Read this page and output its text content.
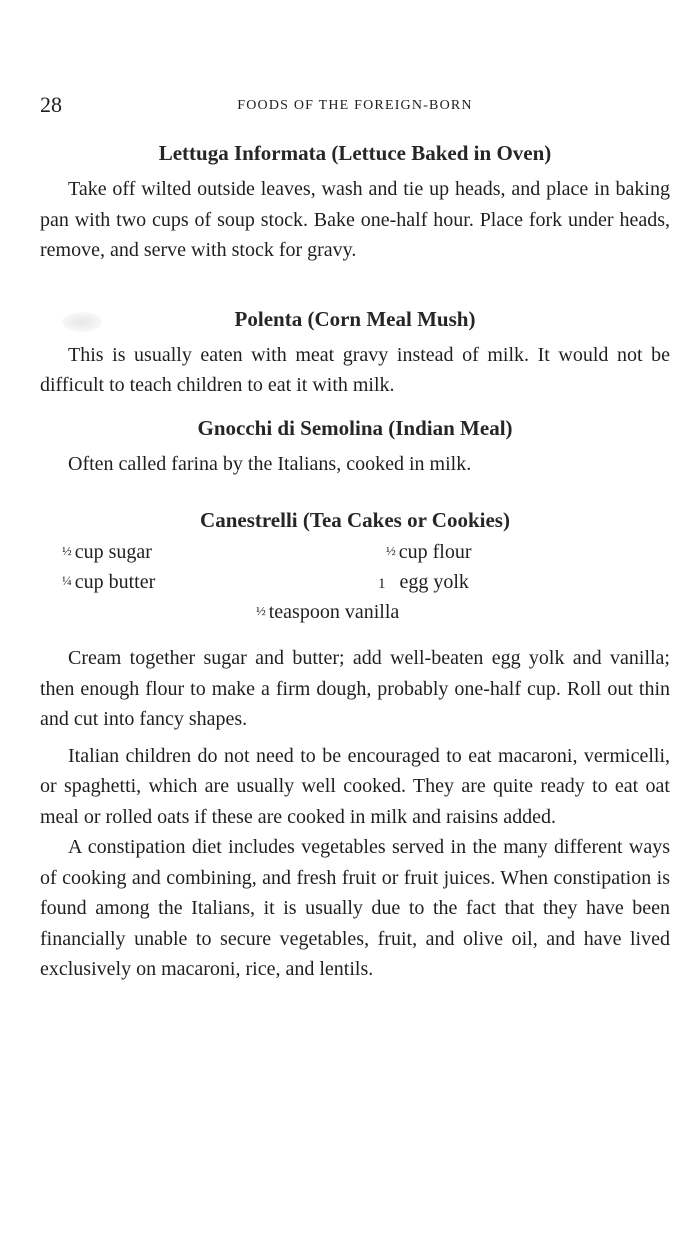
28	FOODS OF THE FOREIGN-BORN
Lettuga Informata (Lettuce Baked in Oven)

Take off wilted outside leaves, wash and tie up heads, and place in baking pan with two cups of soup stock. Bake one-half hour. Place fork under heads, remove, and serve with stock for gravy.

Polenta (Corn Meal Mush)

This is usually eaten with meat gravy instead of milk. It would not be difficult to teach children to eat it with milk.

Gnocchi di Semolina (Indian Meal)

Often called farina by the Italians, cooked in milk.

Canestrelli (Tea Cakes or Cookies)
½ cup sugar	½ cup flour
¼ cup butter	1 egg yolk
½ teaspoon vanilla

Cream together sugar and butter; add well-beaten egg yolk and vanilla; then enough flour to make a firm dough, probably one-half cup. Roll out thin and cut into fancy shapes.

Italian children do not need to be encouraged to eat macaroni, vermicelli, or spaghetti, which are usually well cooked. They are quite ready to eat oat meal or rolled oats if these are cooked in milk and raisins added.

A constipation diet includes vegetables served in the many different ways of cooking and combining, and fresh fruit or fruit juices. When constipation is found among the Italians, it is usually due to the fact that they have been financially unable to secure vegetables, fruit, and olive oil, and have lived exclusively on macaroni, rice, and lentils.
